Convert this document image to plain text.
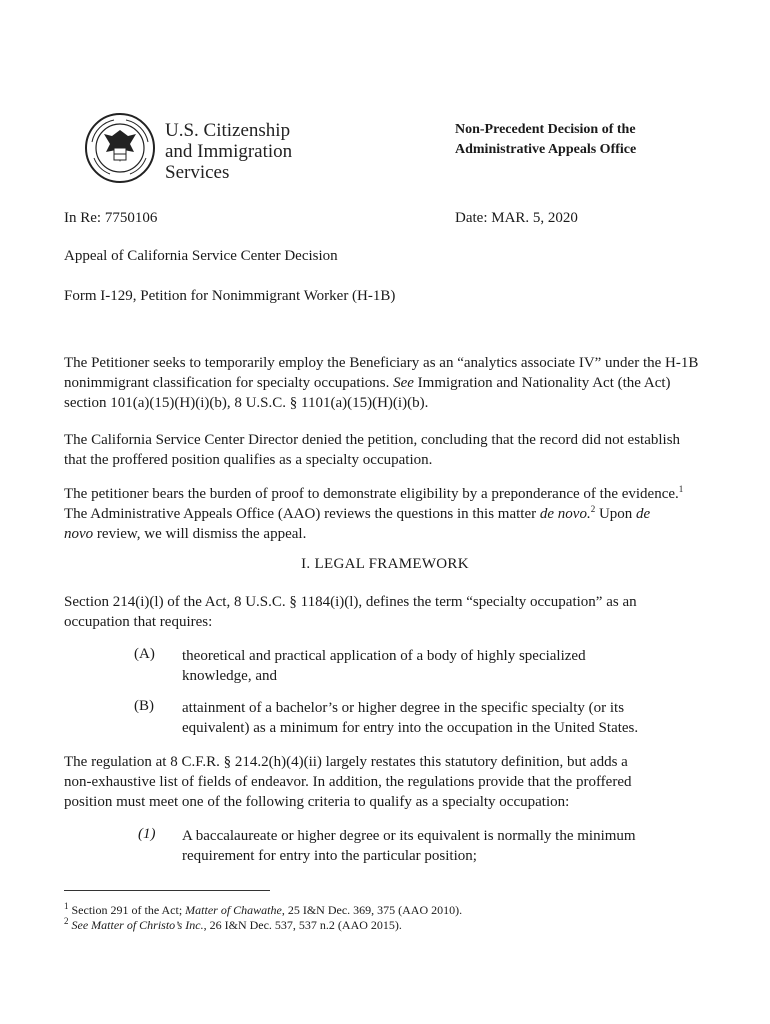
U.S. Citizenship
and Immigration
Services
Non-Precedent Decision of the
Administrative Appeals Office
In Re: 7750106	Date: MAR. 5, 2020
Appeal of California Service Center Decision
Form I-129, Petition for Nonimmigrant Worker (H-1B)
The Petitioner seeks to temporarily employ the Beneficiary as an “analytics associate IV” under the H-1B
nonimmigrant classification for specialty occupations. See Immigration and Nationality Act (the Act)
section 101(a)(15)(H)(i)(b), 8 U.S.C. § 1101(a)(15)(H)(i)(b).
The California Service Center Director denied the petition, concluding that the record did not establish
that the proffered position qualifies as a specialty occupation.
The petitioner bears the burden of proof to demonstrate eligibility by a preponderance of the evidence.$^1$
The Administrative Appeals Office (AAO) reviews the questions in this matter de novo.$^2$ Upon de
novo review, we will dismiss the appeal.
I. LEGAL FRAMEWORK
Section 214(i)(l) of the Act, 8 U.S.C. § 1184(i)(l), defines the term “specialty occupation” as an
occupation that requires:
(A) theoretical and practical application of a body of highly specialized
knowledge, and
(B) attainment of a bachelor’s or higher degree in the specific specialty (or its
equivalent) as a minimum for entry into the occupation in the United States.
The regulation at 8 C.F.R. § 214.2(h)(4)(ii) largely restates this statutory definition, but adds a
non-exhaustive list of fields of endeavor. In addition, the regulations provide that the proffered
position must meet one of the following criteria to qualify as a specialty occupation:
(1) A baccalaureate or higher degree or its equivalent is normally the minimum
requirement for entry into the particular position;
$^1$ Section 291 of the Act; Matter of Chawathe, 25 I&N Dec. 369, 375 (AAO 2010).
$^2$ See Matter of Christo’s Inc., 26 I&N Dec. 537, 537 n.2 (AAO 2015).
